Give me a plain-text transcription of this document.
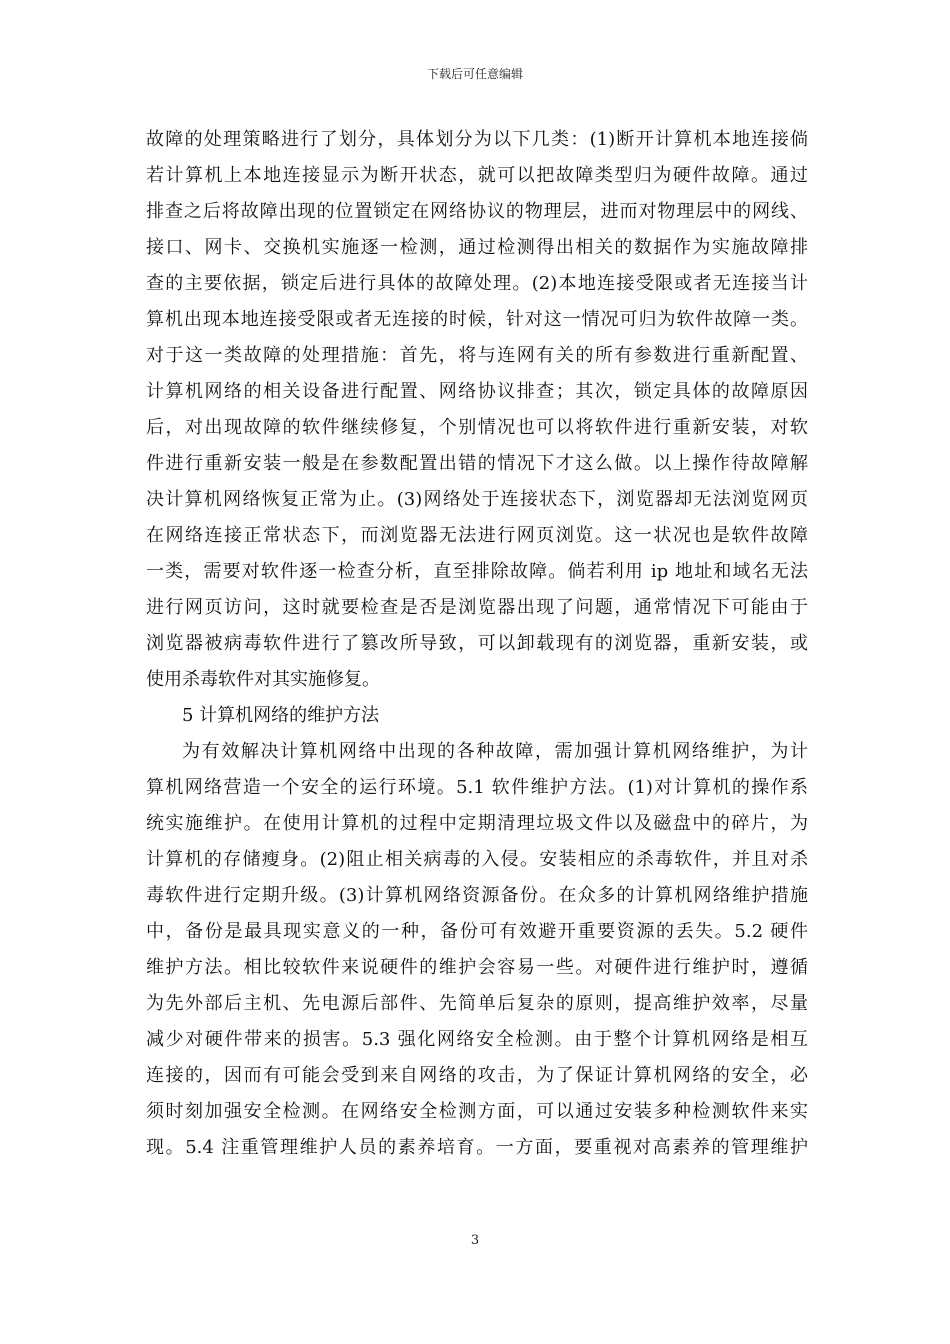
下载后可任意编辑
故障的处理策略进行了划分，具体划分为以下几类：(1)断开计算机本地连接倘
若计算机上本地连接显示为断开状态，就可以把故障类型归为硬件故障。通过
排查之后将故障出现的位置锁定在网络协议的物理层，进而对物理层中的网线、
接口、网卡、交换机实施逐一检测，通过检测得出相关的数据作为实施故障排
查的主要依据，锁定后进行具体的故障处理。(2)本地连接受限或者无连接当计
算机出现本地连接受限或者无连接的时候，针对这一情况可归为软件故障一类。
对于这一类故障的处理措施：首先，将与连网有关的所有参数进行重新配置、
计算机网络的相关设备进行配置、网络协议排查；其次，锁定具体的故障原因
后，对出现故障的软件继续修复，个别情况也可以将软件进行重新安装，对软
件进行重新安装一般是在参数配置出错的情况下才这么做。以上操作待故障解
决计算机网络恢复正常为止。(3)网络处于连接状态下，浏览器却无法浏览网页
在网络连接正常状态下，而浏览器无法进行网页浏览。这一状况也是软件故障
一类，需要对软件逐一检查分析，直至排除故障。倘若利用 ip 地址和域名无法
进行网页访问，这时就要检查是否是浏览器出现了问题，通常情况下可能由于
浏览器被病毒软件进行了篡改所导致，可以卸载现有的浏览器，重新安装，或
使用杀毒软件对其实施修复。
5 计算机网络的维护方法
为有效解决计算机网络中出现的各种故障，需加强计算机网络维护，为计
算机网络营造一个安全的运行环境。5.1 软件维护方法。(1)对计算机的操作系
统实施维护。在使用计算机的过程中定期清理垃圾文件以及磁盘中的碎片，为
计算机的存储瘦身。(2)阻止相关病毒的入侵。安装相应的杀毒软件，并且对杀
毒软件进行定期升级。(3)计算机网络资源备份。在众多的计算机网络维护措施
中，备份是最具现实意义的一种，备份可有效避开重要资源的丢失。5.2 硬件
维护方法。相比较软件来说硬件的维护会容易一些。对硬件进行维护时，遵循
为先外部后主机、先电源后部件、先简单后复杂的原则，提高维护效率，尽量
减少对硬件带来的损害。5.3 强化网络安全检测。由于整个计算机网络是相互
连接的，因而有可能会受到来自网络的攻击，为了保证计算机网络的安全，必
须时刻加强安全检测。在网络安全检测方面，可以通过安装多种检测软件来实
现。5.4 注重管理维护人员的素养培育。一方面，要重视对高素养的管理维护
3
